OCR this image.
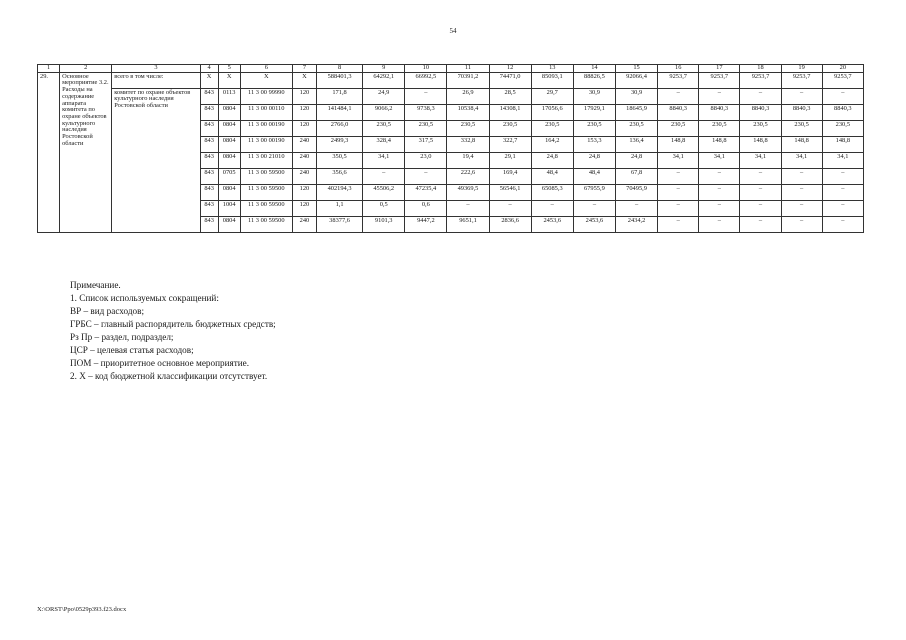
54
1	2	3	4	5	6	7	8	9	10	11	12	13	14	15	16	17	18	19	20
29.	Основное мероприятие 3.2. Расходы на содержание аппарата комитета по охране объектов культурного наследия Ростовской области	всего в том числе:	X	X	X	X	588401,3	64292,1	66992,5	70391,2	74471,0	85093,1	88826,5	92066,4	9253,7	9253,7	9253,7	9253,7	9253,7
		комитет по охране объектов культурного наследия Ростовской области	843	0113	11 3 00 99990	120	171,8	24,9	–	26,9	28,5	29,7	30,9	30,9	–	–	–	–	–
			843	0804	11 3 00 00110	120	141484,1	9066,2	9738,3	10538,4	14308,1	17056,6	17929,1	18645,9	8840,3	8840,3	8840,3	8840,3	8840,3
			843	0804	11 3 00 00190	120	2766,0	230,5	230,5	230,5	230,5	230,5	230,5	230,5	230,5	230,5	230,5	230,5	230,5
			843	0804	11 3 00 00190	240	2499,3	328,4	317,5	332,8	322,7	164,2	153,3	136,4	148,8	148,8	148,8	148,8	148,8
			843	0804	11 3 00 21010	240	350,5	34,1	23,0	19,4	29,1	24,8	24,8	24,8	34,1	34,1	34,1	34,1	34,1
			843	0705	11 3 00 59500	240	356,6	–	–	222,6	169,4	48,4	48,4	67,8	–	–	–	–	–
			843	0804	11 3 00 59500	120	402194,3	45506,2	47235,4	49369,5	56546,1	65085,3	67955,9	70495,9	–	–	–	–	–
			843	1004	11 3 00 59500	120	1,1	0,5	0,6	–	–	–	–	–	–	–	–	–	–
			843	0804	11 3 00 59500	240	38377,6	9101,3	9447,2	9651,1	2836,6	2453,6	2453,6	2434,2	–	–	–	–	–
Примечание.
1. Список используемых сокращений:
ВР – вид расходов;
ГРБС – главный распорядитель бюджетных средств;
Рз Пр – раздел, подраздел;
ЦСР – целевая статья расходов;
ПОМ – приоритетное основное мероприятие.
2. X – код бюджетной классификации отсутствует.
X:\ORST\Ppo\0529p393.f23.docx
